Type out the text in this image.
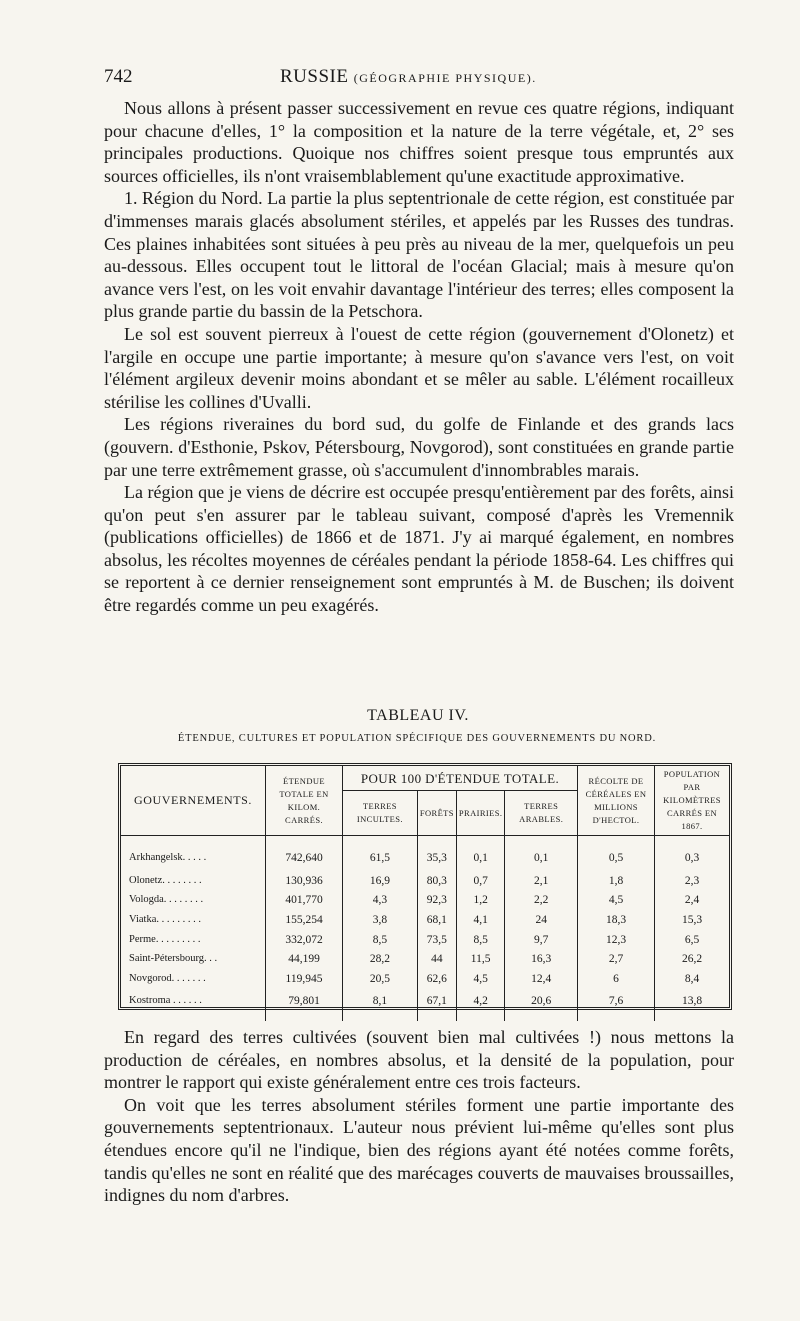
742	RUSSIE (GÉOGRAPHIE PHYSIQUE).

Nous allons à présent passer successivement en revue ces quatre régions, indiquant pour chacune d'elles, 1° la composition et la nature de la terre végétale, et, 2° ses principales productions. Quoique nos chiffres soient presque tous empruntés aux sources officielles, ils n'ont vraisemblablement qu'une exactitude approximative.

1. Région du Nord. La partie la plus septentrionale de cette région, est constituée par d'immenses marais glacés absolument stériles, et appelés par les Russes des tundras. Ces plaines inhabitées sont situées à peu près au niveau de la mer, quelquefois un peu au-dessous. Elles occupent tout le littoral de l'océan Glacial; mais à mesure qu'on avance vers l'est, on les voit envahir davantage l'intérieur des terres; elles composent la plus grande partie du bassin de la Petschora.

Le sol est souvent pierreux à l'ouest de cette région (gouvernement d'Olonetz) et l'argile en occupe une partie importante; à mesure qu'on s'avance vers l'est, on voit l'élément argileux devenir moins abondant et se mêler au sable. L'élément rocailleux stérilise les collines d'Uvalli.

Les régions riveraines du bord sud, du golfe de Finlande et des grands lacs (gouvern. d'Esthonie, Pskov, Pétersbourg, Novgorod), sont constituées en grande partie par une terre extrêmement grasse, où s'accumulent d'innombrables marais.

La région que je viens de décrire est occupée presqu'entièrement par des forêts, ainsi qu'on peut s'en assurer par le tableau suivant, composé d'après les Vremennik (publications officielles) de 1866 et de 1871. J'y ai marqué également, en nombres absolus, les récoltes moyennes de céréales pendant la période 1858-64. Les chiffres qui se reportent à ce dernier renseignement sont empruntés à M. de Buschen; ils doivent être regardés comme un peu exagérés.

TABLEAU IV.
ÉTENDUE, CULTURES ET POPULATION SPÉCIFIQUE DES GOUVERNEMENTS DU NORD.
GOUVERNEMENTS.	ÉTENDUE TOTALE EN KILOM. CARRÉS.	POUR 100 D'ÉTENDUE TOTALE.				RÉCOLTE DE CÉRÉALES EN MILLIONS D'HECTOL.	POPULATION PAR KILOMÈTRES CARRÉS EN 1867.
		TERRES INCULTES.	FORÊTS	PRAIRIES.	TERRES ARABLES.		
Arkhangelsk. . . . .	742,640	61,5	35,3	0,1	0,1	0,5	0,3
Olonetz. . . . . . . .	130,936	16,9	80,3	0,7	2,1	1,8	2,3
Vologda. . . . . . . .	401,770	4,3	92,3	1,2	2,2	4,5	2,4
Viatka. . . . . . . . .	155,254	3,8	68,1	4,1	24	18,3	15,3
Perme. . . . . . . . .	332,072	8,5	73,5	8,5	9,7	12,3	6,5
Saint-Pétersbourg. . .	44,199	28,2	44	11,5	16,3	2,7	26,2
Novgorod. . . . . . .	119,945	20,5	62,6	4,5	12,4	6	8,4
Kostroma . . . . . .	79,801	8,1	67,1	4,2	20,6	7,6	13,8

En regard des terres cultivées (souvent bien mal cultivées !) nous mettons la production de céréales, en nombres absolus, et la densité de la population, pour montrer le rapport qui existe généralement entre ces trois facteurs.

On voit que les terres absolument stériles forment une partie importante des gouvernements septentrionaux. L'auteur nous prévient lui-même qu'elles sont plus étendues encore qu'il ne l'indique, bien des régions ayant été notées comme forêts, tandis qu'elles ne sont en réalité que des marécages couverts de mauvaises broussailles, indignes du nom d'arbres.
